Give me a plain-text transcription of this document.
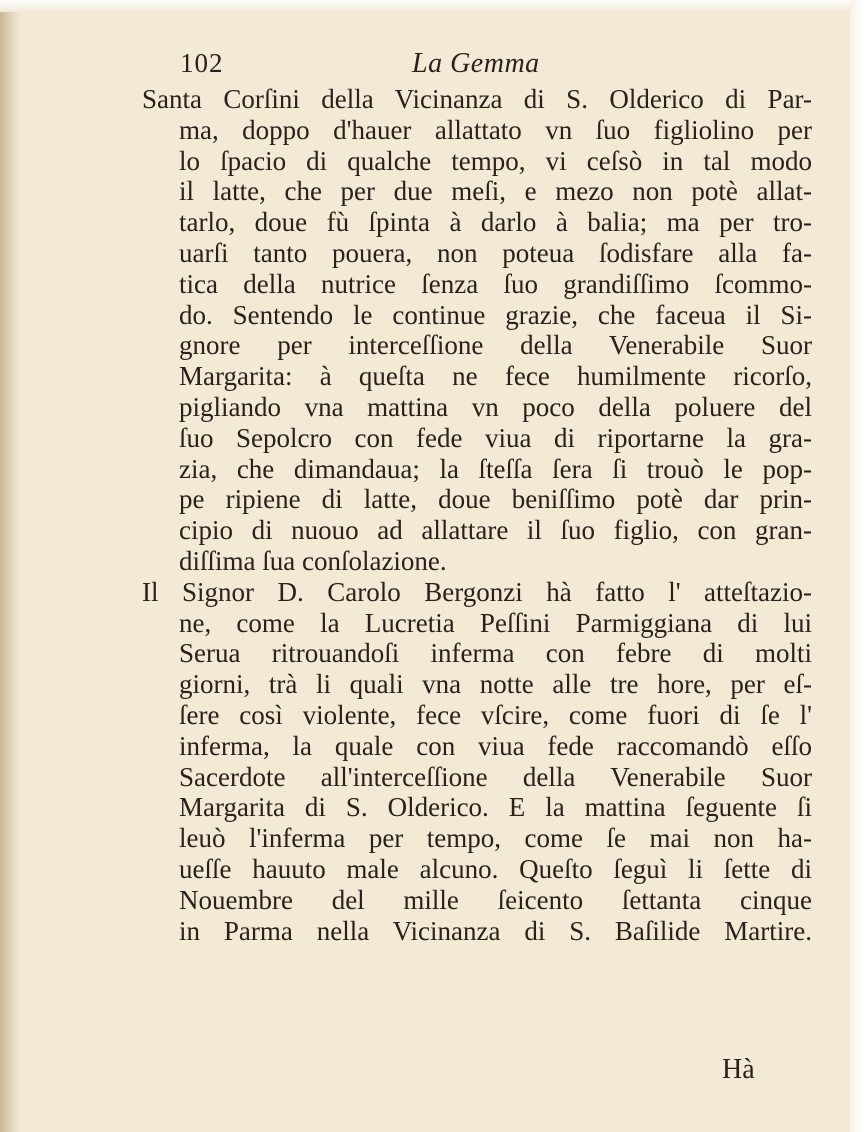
102	La Gemma
Santa Corſini della Vicinanza di S. Olderico di Par-
ma, doppo d'hauer allattato vn ſuo figliolino per
lo ſpacio di qualche tempo, vi ceſsò in tal modo
il latte, che per due meſi, e mezo non potè allat-
tarlo, doue fù ſpinta à darlo à balia; ma per tro-
uarſi tanto pouera, non poteua ſodisfare alla fa-
tica della nutrice ſenza ſuo grandiſſimo ſcommo-
do. Sentendo le continue grazie, che faceua il Si-
gnore per interceſſione della Venerabile Suor
Margarita: à queſta ne fece humilmente ricorſo,
pigliando vna mattina vn poco della poluere del
ſuo Sepolcro con fede viua di riportarne la gra-
zia, che dimandaua; la ſteſſa ſera ſi trouò le pop-
pe ripiene di latte, doue beniſſimo potè dar prin-
cipio di nuouo ad allattare il ſuo figlio, con gran-
diſſima ſua conſolazione.
Il Signor D. Carolo Bergonzi hà fatto l' atteſtazio-
ne, come la Lucretia Peſſini Parmiggiana di lui
Serua ritrouandoſi inferma con febre di molti
giorni, trà li quali vna notte alle tre hore, per eſ-
ſere così violente, fece vſcire, come fuori di ſe l'
inferma, la quale con viua fede raccomandò eſſo
Sacerdote all'interceſſione della Venerabile Suor
Margarita di S. Olderico. E la mattina ſeguente ſi
leuò l'inferma per tempo, come ſe mai non ha-
ueſſe hauuto male alcuno. Queſto ſeguì li ſette di
Nouembre del mille ſeicento ſettanta cinque
in Parma nella Vicinanza di S. Baſilide Martire.
Hà
